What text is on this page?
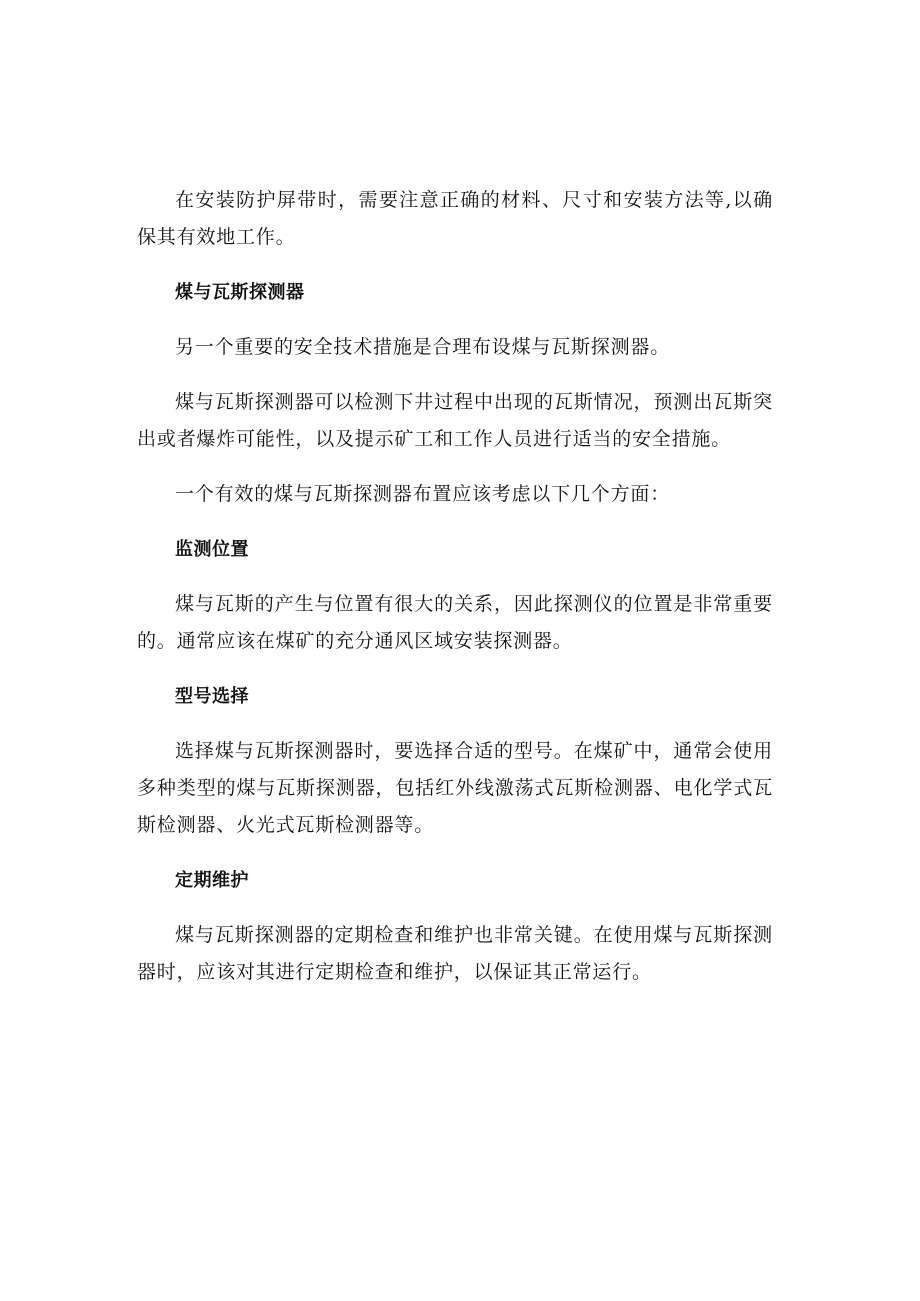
在安装防护屏带时，需要注意正确的材料、尺寸和安装方法等,以确保其有效地工作。

煤与瓦斯探测器

另一个重要的安全技术措施是合理布设煤与瓦斯探测器。

煤与瓦斯探测器可以检测下井过程中出现的瓦斯情况，预测出瓦斯突出或者爆炸可能性，以及提示矿工和工作人员进行适当的安全措施。

一个有效的煤与瓦斯探测器布置应该考虑以下几个方面：

监测位置

煤与瓦斯的产生与位置有很大的关系，因此探测仪的位置是非常重要的。通常应该在煤矿的充分通风区域安装探测器。

型号选择

选择煤与瓦斯探测器时，要选择合适的型号。在煤矿中，通常会使用多种类型的煤与瓦斯探测器，包括红外线激荡式瓦斯检测器、电化学式瓦斯检测器、火光式瓦斯检测器等。

定期维护

煤与瓦斯探测器的定期检查和维护也非常关键。在使用煤与瓦斯探测器时，应该对其进行定期检查和维护，以保证其正常运行。
